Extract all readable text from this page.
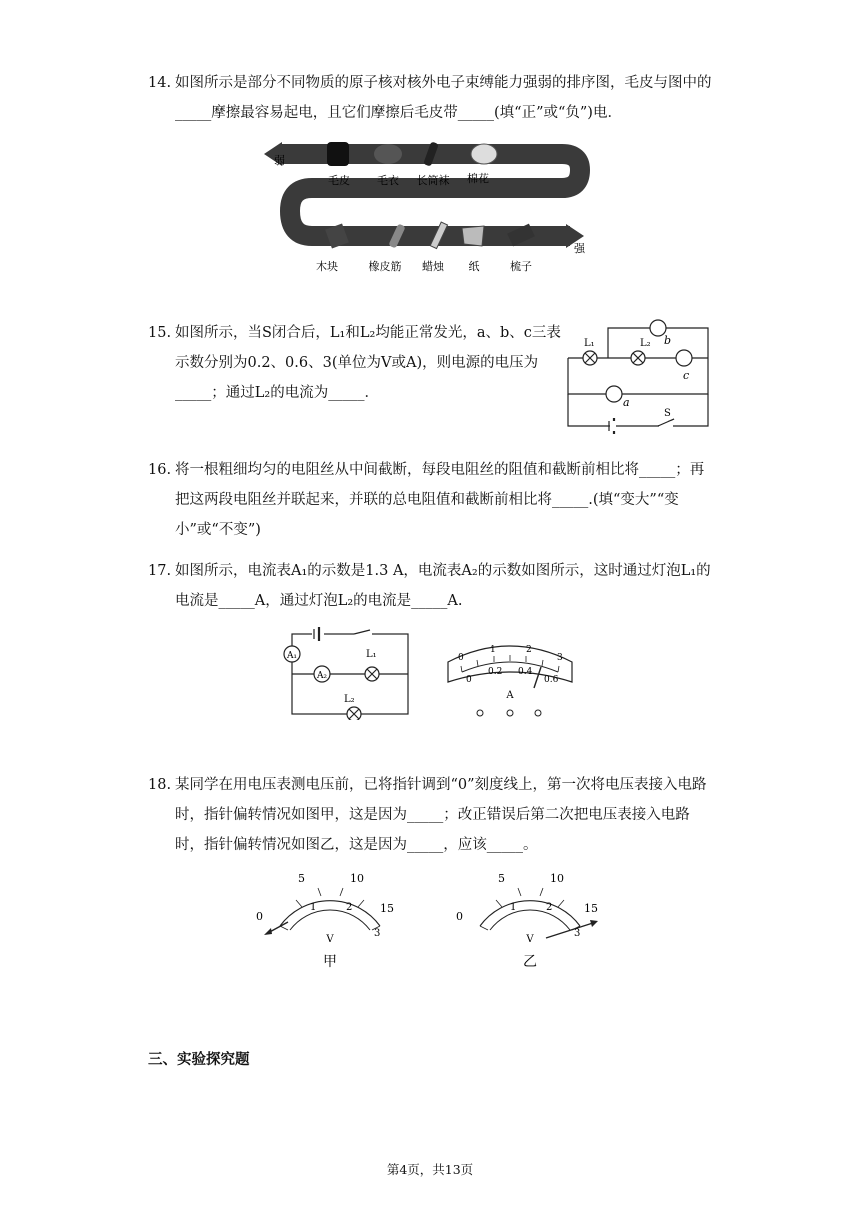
14. 如图所示是部分不同物质的原子核对核外电子束缚能力强弱的排序图，毛皮与图中的_____摩擦最容易起电，且它们摩擦后毛皮带_____(填“正”或“负”)电．
弱
强
毛皮 毛衣 长筒袜 棉花
木块	橡皮筋 蜡烛 纸	梳子
15. 如图所示，当S闭合后，L₁和L₂均能正常发光，a、b、c三表示数分别为0.2、0.6、3(单位为V或A)，则电源的电压为_____；通过L₂的电流为_____．
L₁	L₂ b
c
a
S
16. 将一根粗细均匀的电阻丝从中间截断，每段电阻丝的阻值和截断前相比将_____；再把这两段电阻丝并联起来，并联的总电阻值和截断前相比将_____.(填“变大”“变小”或“不变”)
17. 如图所示，电流表A₁的示数是1.3 A，电流表A₂的示数如图所示，这时通过灯泡L₁的电流是_____A，通过灯泡L₂的电流是_____A.
A₁
A₂
L₁
L₂
0
1	2
3
0
0.2 0.4
0.6
A
18. 某同学在用电压表测电压前，已将指针调到“0”刻度线上，第一次将电压表接入电路时，指针偏转情况如图甲，这是因为_____；改正错误后第二次把电压表接入电路时，指针偏转情况如图乙，这是因为_____，应该_____。
0
5	10
15
1	2
3
V
甲
0
5	10
15
1	2
3
V
乙
三、实验探究题
第4页，共13页
